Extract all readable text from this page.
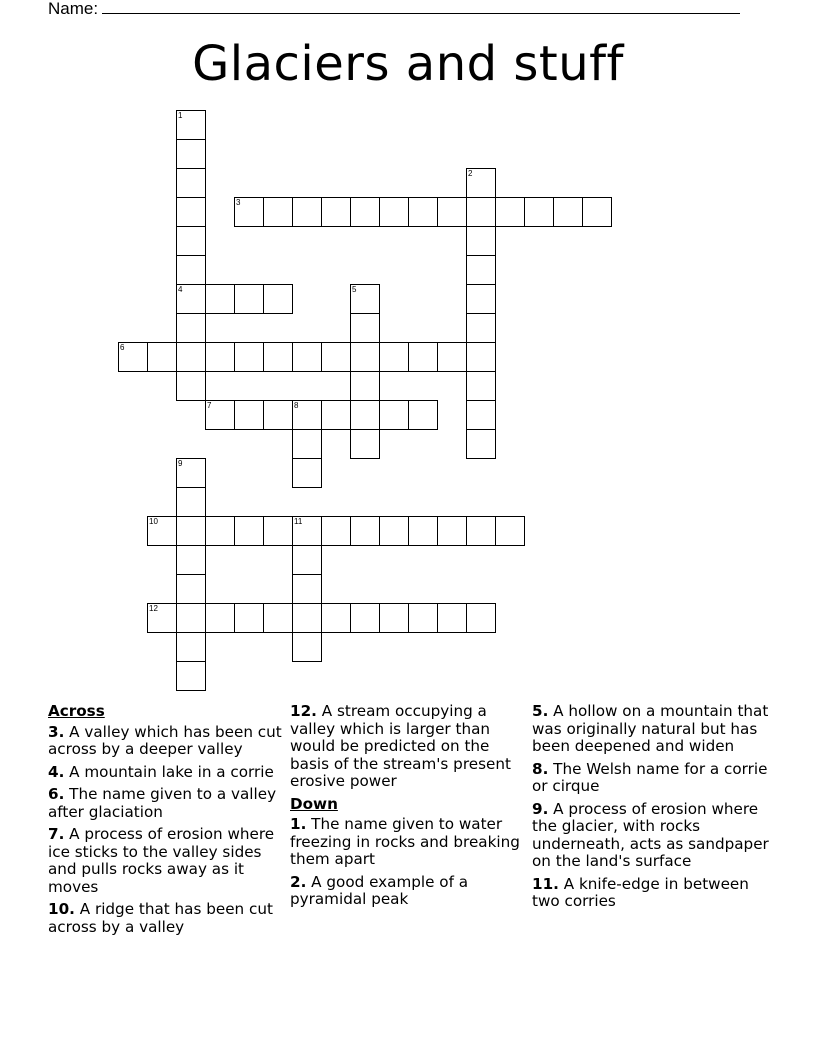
Name:
Glaciers and stuff
1
2
3
4	5
6
7	8
9
10	11
12
Across
3. A valley which has been cut across by a deeper valley
4. A mountain lake in a corrie
6. The name given to a valley after glaciation
7. A process of erosion where ice sticks to the valley sides and pulls rocks away as it moves
10. A ridge that has been cut across by a valley
12. A stream occupying a valley which is larger than would be predicted on the basis of the stream's present erosive power
Down
1. The name given to water freezing in rocks and breaking them apart
2. A good example of a pyramidal peak
5. A hollow on a mountain that was originally natural but has been deepened and widen
8. The Welsh name for a corrie or cirque
9. A process of erosion where the glacier, with rocks underneath, acts as sandpaper on the land's surface
11. A knife-edge in between two corries
